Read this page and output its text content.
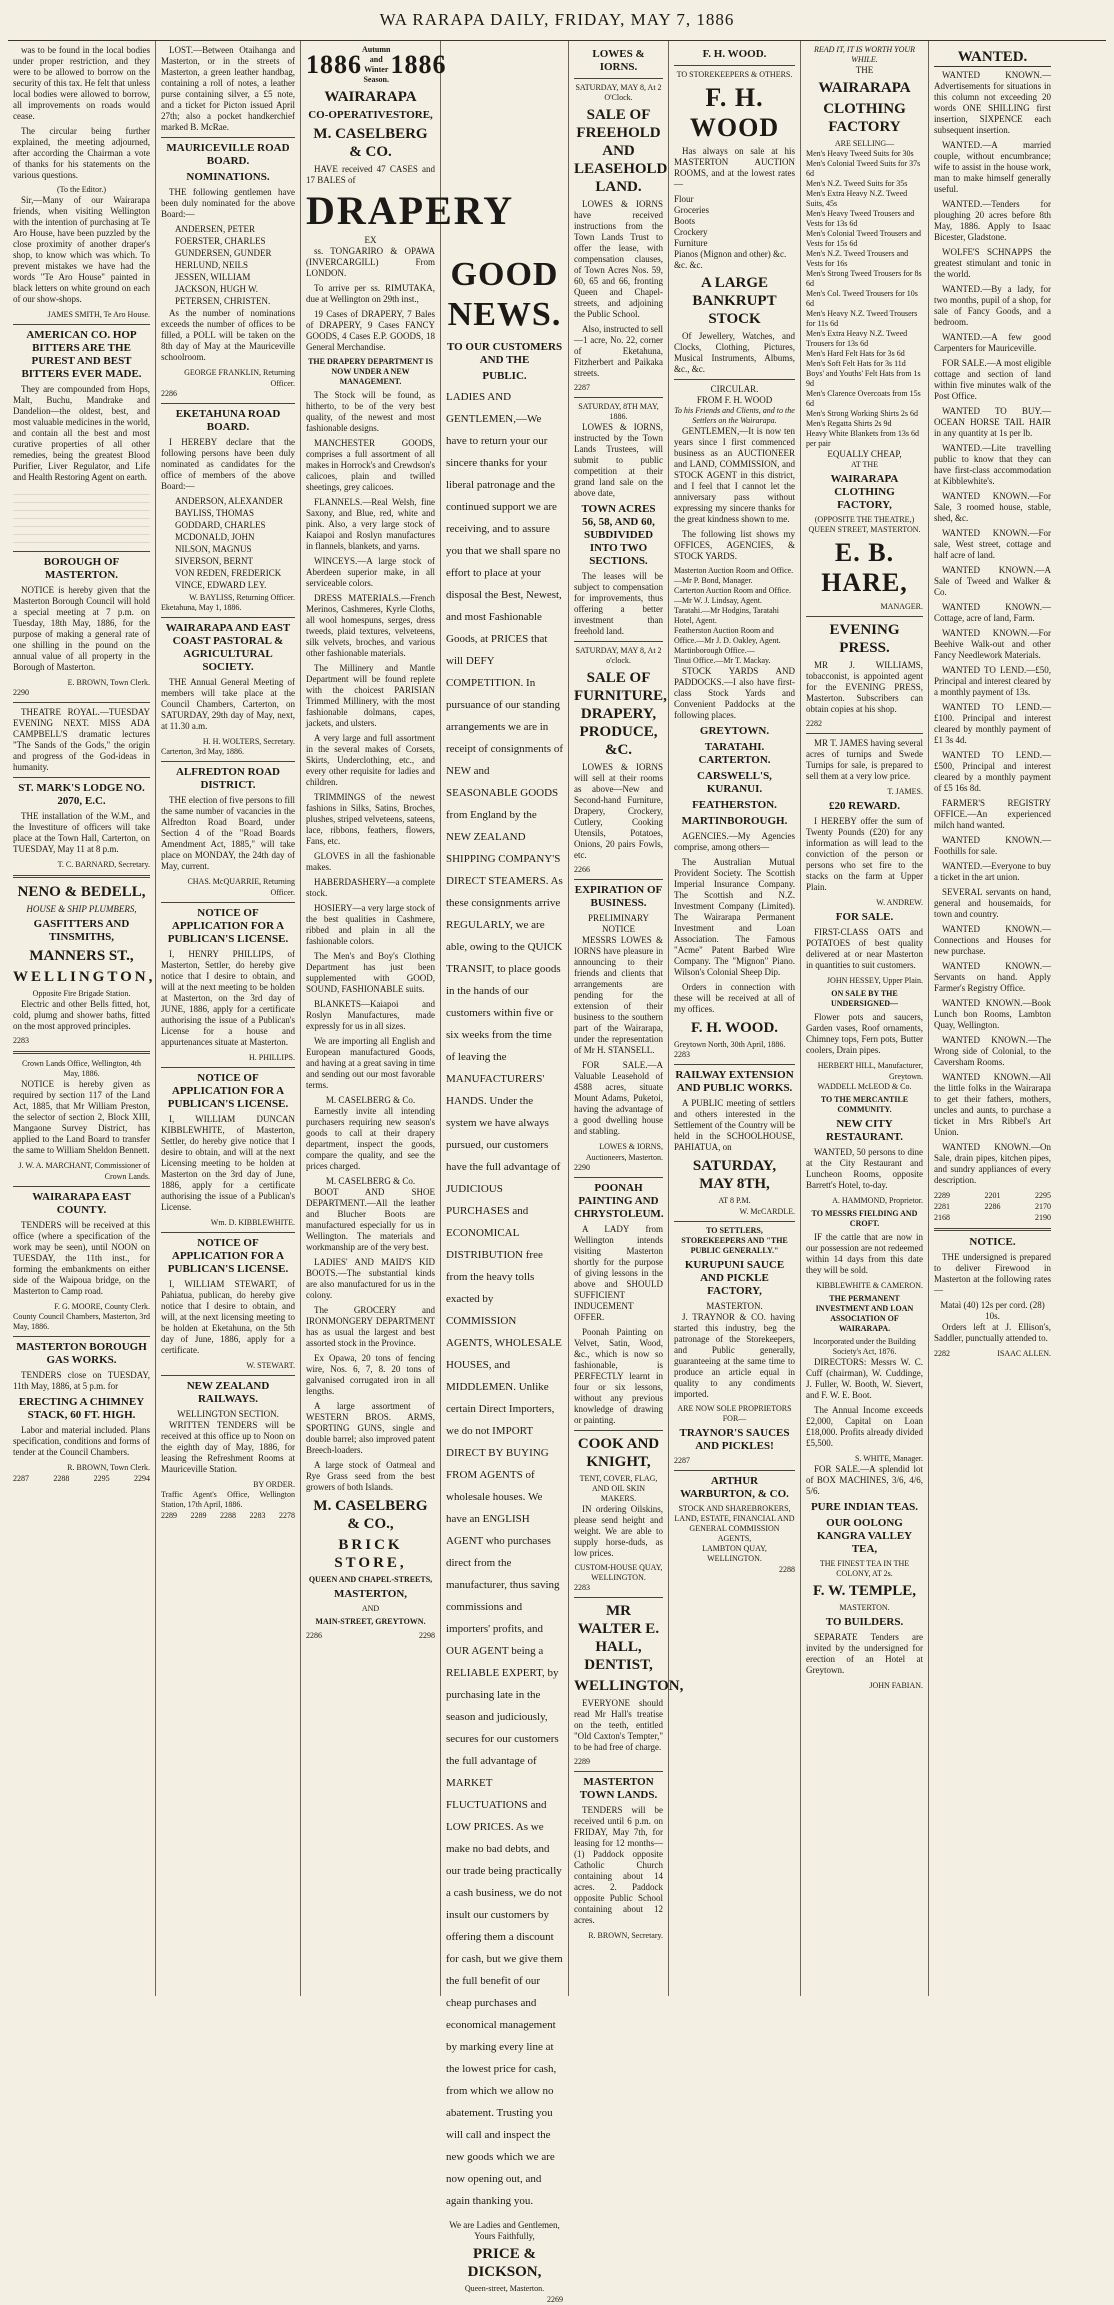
WA RARAPA DAILY, FRIDAY, MAY 7, 1886

was to be found in the local bodies under proper restriction, and they were to be allowed to borrow on the security of this tax. He felt that unless local bodies were allowed to borrow, all improvements on roads would cease.

The circular being further explained, the meeting adjourned, after according the Chairman a vote of thanks for his statements on the various questions.

(To the Editor.)

Sir,—Many of our Wairarapa friends, when visiting Wellington with the intention of purchasing at Te Aro House, have been puzzled by the close proximity of another draper's shop, to know which was which. To prevent mistakes we have had the words "Te Aro House" painted in black letters on white ground on each of our show-shops.

JAMES SMITH, Te Aro House.
AMERICAN CO. HOP BITTERS ARE THE PUREST AND BEST BITTERS EVER MADE.

They are compounded from Hops, Malt, Buchu, Mandrake and Dandelion—the oldest, best, and most valuable medicines in the world, and contain all the best and most curative properties of all other remedies, being the greatest Blood Purifier, Liver Regulator, and Life and Health Restoring Agent on earth.

BOROUGH OF MASTERTON.

NOTICE is hereby given that the Masterton Borough Council will hold a special meeting at 7 p.m. on Tuesday, 18th May, 1886, for the purpose of making a general rate of one shilling in the pound on the annual value of all property in the Borough of Masterton.

E. BROWN, Town Clerk.
2290

THEATRE ROYAL.—TUESDAY EVENING NEXT. MISS ADA CAMPBELL'S dramatic lectures "The Sands of the Gods," the origin and progress of the God-ideas in humanity.

ST. MARK'S LODGE NO. 2070, E.C.

THE installation of the W.M., and the Investiture of officers will take place at the Town Hall, Carterton, on TUESDAY, May 11 at 8 p.m.

T. C. BARNARD, Secretary.
NENO & BEDELL,
HOUSE & SHIP PLUMBERS,
GASFITTERS AND TINSMITHS,
MANNERS ST.,
WELLINGTON,
Opposite Fire Brigade Station.

Electric and other Bells fitted, hot, cold, plumg and shower baths, fitted on the most approved principles.

2283
Crown Lands Office, Wellington, 4th May, 1886.

NOTICE is hereby given as required by section 117 of the Land Act, 1885, that Mr William Preston, the selector of section 2, Block XIII, Mangaone Survey District, has applied to the Land Board to transfer the same to William Sheldon Bennett.

J. W. A. MARCHANT, Commissioner of Crown Lands.
WAIRARAPA EAST COUNTY.

TENDERS will be received at this office (where a specification of the work may be seen), until NOON on TUESDAY, the 11th inst., for forming the embankments on either side of the Waipoua bridge, on the Masterton to Camp road.

F. G. MOORE, County Clerk.
County Council Chambers, Masterton, 3rd May, 1886.
MASTERTON BOROUGH GAS WORKS.

TENDERS close on TUESDAY, 11th May, 1886, at 5 p.m. for

ERECTING A CHIMNEY STACK, 60 FT. HIGH.

Labor and material included. Plans specification, conditions and forms of tender at the Council Chambers.

R. BROWN, Town Clerk.
2287	2288	2295	2294

LOST.—Between Otaihanga and Masterton, or in the streets of Masterton, a green leather handbag, containing a roll of notes, a leather purse containing silver, a £5 note, and a ticket for Picton issued April 27th; also a pocket handkerchief marked B. McRae.

MAURICEVILLE ROAD BOARD.
NOMINATIONS.

THE following gentlemen have been duly nominated for the above Board:—

ANDERSEN, PETER
FOERSTER, CHARLES
GUNDERSEN, GUNDER
HERLUND, NEILS
JESSEN, WILLIAM
JACKSON, HUGH W.
PETERSEN, CHRISTEN.

As the number of nominations exceeds the number of offices to be filled, a POLL will be taken on the 8th day of May at the Mauriceville schoolroom.

GEORGE FRANKLIN, Returning Officer.
2286
EKETAHUNA ROAD BOARD.

I HEREBY declare that the following persons have been duly nominated as candidates for the office of members of the above Board:—

ANDERSON, ALEXANDER
BAYLISS, THOMAS
GODDARD, CHARLES
MCDONALD, JOHN
NILSON, MAGNUS
SIVERSON, BERNT
VON REDEN, FREDERICK
VINCE, EDWARD LEY.
W. BAYLISS, Returning Officer.
Eketahuna, May 1, 1886.
WAIRARAPA AND EAST COAST PASTORAL & AGRICULTURAL SOCIETY.

THE Annual General Meeting of members will take place at the Council Chambers, Carterton, on SATURDAY, 29th day of May, next, at 11.30 a.m.

H. H. WOLTERS, Secretary.
Carterton, 3rd May, 1886.
ALFREDTON ROAD DISTRICT.

THE election of five persons to fill the same number of vacancies in the Alfredton Road Board, under Section 4 of the "Road Boards Amendment Act, 1885," will take place on MONDAY, the 24th day of May, current.

CHAS. McQUARRIE, Returning Officer.
NOTICE OF APPLICATION FOR A PUBLICAN'S LICENSE.

I, HENRY PHILLIPS, of Masterton, Settler, do hereby give notice that I desire to obtain, and will at the next meeting to be holden at Masterton, on the 3rd day of JUNE, 1886, apply for a certificate authorising the issue of a Publican's License for a house and appurtenances situate at Masterton.

H. PHILLIPS.
NOTICE OF APPLICATION FOR A PUBLICAN'S LICENSE.

I, WILLIAM DUNCAN KIBBLEWHITE, of Masterton, Settler, do hereby give notice that I desire to obtain, and will at the next Licensing meeting to be holden at Masterton on the 3rd day of June, 1886, apply for a certificate authorising the issue of a Publican's License.

Wm. D. KIBBLEWHITE.
NOTICE OF APPLICATION FOR A PUBLICAN'S LICENSE.

I, WILLIAM STEWART, of Pahiatua, publican, do hereby give notice that I desire to obtain, and will, at the next licensing meeting to be holden at Eketahuna, on the 5th day of June, 1886, apply for a certificate.

W. STEWART.
NEW ZEALAND RAILWAYS.
WELLINGTON SECTION.

WRITTEN TENDERS will be received at this office up to Noon on the eighth day of May, 1886, for leasing the Refreshment Rooms at Mauriceville Station.

BY ORDER.
Traffic Agent's Office, Wellington Station, 17th April, 1886.
2289 2289 2288 2283 2278
1886
Autumn and Winter Season.
1886
WAIRARAPA
CO-OPERATIVESTORE,
M. CASELBERG & CO.

HAVE received 47 CASES and 17 BALES of

DRAPERY
EX

ss. TONGARIRO & OPAWA (INVERCARGILL) From LONDON.

To arrive per ss. RIMUTAKA, due at Wellington on 29th inst.,

19 Cases of DRAPERY, 7 Bales of DRAPERY, 9 Cases FANCY GOODS, 4 Cases E.P. GOODS, 18 General Merchandise.

THE DRAPERY DEPARTMENT IS NOW UNDER A NEW MANAGEMENT.

The Stock will be found, as hitherto, to be of the very best quality, of the newest and most fashionable designs.

MANCHESTER GOODS, comprises a full assortment of all makes in Horrock's and Crewdson's calicoes, plain and twilled sheetings, grey calicoes.

FLANNELS.—Real Welsh, fine Saxony, and Blue, red, white and pink. Also, a very large stock of Kaiapoi and Roslyn manufactures in flannels, blankets, and yarns.

WINCEYS.—A large stock of Aberdeen superior make, in all serviceable colors.

DRESS MATERIALS.—French Merinos, Cashmeres, Kyrle Cloths, all wool homespuns, serges, dress tweeds, plaid textures, velveteens, silk velvets, broches, and various other fashionable materials.

The Millinery and Mantle Department will be found replete with the choicest PARISIAN Trimmed Millinery, with the most fashionable dolmans, capes, jackets, and ulsters.

A very large and full assortment in the several makes of Corsets, Skirts, Underclothing, etc., and every other requisite for ladies and children.

TRIMMINGS of the newest fashions in Silks, Satins, Broches, plushes, striped velveteens, sateens, lace, ribbons, feathers, flowers, Fans, etc.

GLOVES in all the fashionable makes.

HABERDASHERY—a complete stock.

HOSIERY—a very large stock of the best qualities in Cashmere, ribbed and plain in all the fashionable colors.

The Men's and Boy's Clothing Department has just been supplemented with GOOD, SOUND, FASHIONABLE suits.

BLANKETS—Kaiapoi and Roslyn Manufactures, made expressly for us in all sizes.

We are importing all English and European manufactured Goods, and having at a great saving in time and sending out our most favorable terms.

M. CASELBERG & Co.

Earnestly invite all intending purchasers requiring new season's goods to call at their drapery department, inspect the goods, compare the quality, and see the prices charged.

M. CASELBERG & Co.

BOOT AND SHOE DEPARTMENT.—All the leather and Blucher Boots are manufactured especially for us in Wellington. The materials and workmanship are of the very best.

LADIES' AND MAID'S KID BOOTS.—The substantial kinds are also manufactured for us in the colony.

The GROCERY and IRONMONGERY DEPARTMENT has as usual the largest and best assorted stock in the Province.

Ex Opawa, 20 tons of fencing wire, Nos. 6, 7, 8. 20 tons of galvanised corrugated iron in all lengths.

A large assortment of WESTERN BROS. ARMS, SPORTING GUNS, single and double barrel; also improved patent Breech-loaders.

A large stock of Oatmeal and Rye Grass seed from the best growers of both Islands.

M. CASELBERG & CO.,
BRICK STORE,
QUEEN AND CHAPEL-STREETS,
MASTERTON,
AND
MAIN-STREET, GREYTOWN.
2286	2298
GOOD NEWS.
TO OUR CUSTOMERS AND THE
PUBLIC.
LADIES AND GENTLEMEN,—We have to return your our sincere thanks for your liberal patronage and the continued support we are receiving, and to assure you that we shall spare no effort to place at your disposal the Best, Newest, and most Fashionable Goods, at PRICES that will DEFY COMPETITION. In pursuance of our standing arrangements we are in receipt of consignments of NEW and SEASONABLE GOODS from England by the NEW ZEALAND SHIPPING COMPANY'S DIRECT STEAMERS. As these consignments arrive REGULARLY, we are able, owing to the QUICK TRANSIT, to place goods in the hands of our customers within five or six weeks from the time of leaving the MANUFACTURERS' HANDS. Under the system we have always pursued, our customers have the full advantage of JUDICIOUS PURCHASES and ECONOMICAL DISTRIBUTION free from the heavy tolls exacted by COMMISSION AGENTS, WHOLESALE HOUSES, and MIDDLEMEN. Unlike certain Direct Importers, we do not IMPORT DIRECT BY BUYING FROM AGENTS of wholesale houses. We have an ENGLISH AGENT who purchases direct from the manufacturer, thus saving commissions and importers' profits, and OUR AGENT being a RELIABLE EXPERT, by purchasing late in the season and judiciously, secures for our customers the full advantage of MARKET FLUCTUATIONS and LOW PRICES. As we make no bad debts, and our trade being practically a cash business, we do not insult our customers by offering them a discount for cash, but we give them the full benefit of our cheap purchases and economical management by marking every line at the lowest price for cash, from which we allow no abatement. Trusting you will call and inspect the new goods which we are now opening out, and again thanking you.
We are Ladies and Gentlemen,
Yours Faithfully,
PRICE & DICKSON,
Queen-street, Masterton.
2269
LOWES & IORNS.
SATURDAY, MAY 8, At 2 O'Clock.
SALE OF FREEHOLD AND LEASEHOLD LAND.

LOWES & IORNS have received instructions from the Town Lands Trust to offer the lease, with compensation clauses, of Town Acres Nos. 59, 60, 65 and 66, fronting Queen and Chapel-streets, and adjoining the Public School.

Also, instructed to sell—1 acre, No. 22, corner of Eketahuna, Fitzherbert and Paikaka streets.

2287
SATURDAY, 8TH MAY, 1886.

LOWES & IORNS, instructed by the Town Lands Trustees, will submit to public competition at their grand land sale on the above date,

TOWN ACRES 56, 58, AND 60, SUBDIVIDED INTO TWO SECTIONS.

The leases will be subject to compensation for improvements, thus offering a better investment than freehold land.

SATURDAY, MAY 8, At 2 o'clock.
SALE OF FURNITURE, DRAPERY, PRODUCE, &C.

LOWES & IORNS will sell at their rooms as above—New and Second-hand Furniture, Drapery, Crockery, Cutlery, Cooking Utensils, Potatoes, Onions, 20 pairs Fowls, etc.

2266
EXPIRATION OF BUSINESS.
PRELIMINARY NOTICE

MESSRS LOWES & IORNS have pleasure in announcing to their friends and clients that arrangements are pending for the extension of their business to the southern part of the Wairarapa, under the representation of Mr H. STANSELL.

FOR SALE.—A Valuable Leasehold of 4588 acres, situate Mount Adams, Puketoi, having the advantage of a good dwelling house and stabling.

LOWES & IORNS, Auctioneers, Masterton.
2290
POONAH PAINTING AND CHRYSTOLEUM.

A LADY from Wellington intends visiting Masterton shortly for the purpose of giving lessons in the above and SHOULD SUFFICIENT INDUCEMENT OFFER.

Poonah Painting on Velvet, Satin, Wood, &c., which is now so fashionable, is PERFECTLY learnt in four or six lessons, without any previous knowledge of drawing or painting.

COOK AND KNIGHT,
TENT, COVER, FLAG, AND OIL SKIN MAKERS.

IN ordering Oilskins, please send height and weight. We are able to supply horse-duds, as low prices.

CUSTOM-HOUSE QUAY, WELLINGTON.
2283
MR WALTER E. HALL, DENTIST,
WELLINGTON,

EVERYONE should read Mr Hall's treatise on the teeth, entitled "Old Caxton's Tempter," to be had free of charge.

2289
MASTERTON TOWN LANDS.

TENDERS will be received until 6 p.m. on FRIDAY, May 7th, for leasing for 12 months—(1) Paddock opposite Catholic Church containing about 14 acres. 2. Paddock opposite Public School containing about 12 acres.

R. BROWN, Secretary.
F. H. WOOD.
TO STOREKEEPERS & OTHERS.
F. H. WOOD

Has always on sale at his MASTERTON AUCTION ROOMS, and at the lowest rates—

Flour
Groceries
Boots
Crockery
Furniture
Pianos (Mignon and other) &c. &c. &c.
A LARGE BANKRUPT STOCK

Of Jewellery, Watches, and Clocks, Clothing, Pictures, Musical Instruments, Albums, &c., &c.

CIRCULAR.
FROM F. H. WOOD
To his Friends and Clients, and to the Settlers on the Wairarapa.

GENTLEMEN,—It is now ten years since I first commenced business as an AUCTIONEER and LAND, COMMISSION, and STOCK AGENT in this district, and I feel that I cannot let the anniversary pass without expressing my sincere thanks for the great kindness shown to me.

The following list shows my OFFICES, AGENCIES, & STOCK YARDS.

Masterton Auction Room and Office.—Mr P. Bond, Manager.
Carterton Auction Room and Office.—Mr W. J. Lindsay, Agent.
Taratahi.—Mr Hodgins, Taratahi Hotel, Agent.
Featherston Auction Room and Office.—Mr J. D. Oakley, Agent.
Martinborough Office.—
Tinui Office.—Mr T. Mackay.

STOCK YARDS AND PADDOCKS.—I also have first-class Stock Yards and Convenient Paddocks at the following places.

GREYTOWN.
TARATAHI. CARTERTON.
CARSWELL'S, KURANUI.
FEATHERSTON.
MARTINBOROUGH.

AGENCIES.—My Agencies comprise, among others—

The Australian Mutual Provident Society. The Scottish Imperial Insurance Company. The Scottish and N.Z. Investment Company (Limited). The Wairarapa Permanent Investment and Loan Association. The Famous "Acme" Patent Barbed Wire Company. The "Mignon" Piano. Wilson's Colonial Sheep Dip.

Orders in connection with these will be received at all of my offices.

F. H. WOOD.
Greytown North, 30th April, 1886.
2283
RAILWAY EXTENSION AND PUBLIC WORKS.

A PUBLIC meeting of settlers and others interested in the Settlement of the Country will be held in the SCHOOLHOUSE, PAHIATUA, on

SATURDAY, MAY 8TH,
AT 8 P.M.
W. McCARDLE.
TO SETTLERS, STOREKEEPERS AND "THE PUBLIC GENERALLY."
KURUPUNI SAUCE AND PICKLE FACTORY,
MASTERTON.

J. TRAYNOR & CO. having started this industry, beg the patronage of the Storekeepers, and Public generally, guaranteeing at the same time to produce an article equal in quality to any condiments imported.

ARE NOW SOLE PROPRIETORS FOR—
TRAYNOR'S SAUCES AND PICKLES!
2287
ARTHUR WARBURTON, & CO.
STOCK AND SHAREBROKERS, LAND, ESTATE, FINANCIAL AND GENERAL COMMISSION AGENTS,
LAMBTON QUAY, WELLINGTON.
2288
READ IT, IT IS WORTH YOUR WHILE.
THE
WAIRARAPA
CLOTHING FACTORY
ARE SELLING—
Men's Heavy Tweed Suits for 30s
Men's Colonial Tweed Suits for 37s 6d
Men's N.Z. Tweed Suits for 35s
Men's Extra Heavy N.Z. Tweed Suits, 45s
Men's Heavy Tweed Trousers and Vests for 13s 6d
Men's Colonial Tweed Trousers and Vests for 15s 6d
Men's N.Z. Tweed Trousers and Vests for 16s
Men's Strong Tweed Trousers for 8s 6d
Men's Col. Tweed Trousers for 10s 6d
Men's Heavy N.Z. Tweed Trousers for 11s 6d
Men's Extra Heavy N.Z. Tweed Trousers for 13s 6d
Men's Hard Felt Hats for 3s 6d
Men's Soft Felt Hats for 3s 11d
Boys' and Youths' Felt Hats from 1s 9d
Men's Clarence Overcoats from 15s 6d
Men's Strong Working Shirts 2s 6d
Men's Regatta Shirts 2s 9d
Heavy White Blankets from 13s 6d per pair
EQUALLY CHEAP,
AT THE
WAIRARAPA CLOTHING FACTORY,
(OPPOSITE THE THEATRE,)
QUEEN STREET, MASTERTON.
E. B. HARE,
MANAGER.
EVENING PRESS.

MR J. WILLIAMS, tobacconist, is appointed agent for the EVENING PRESS, Masterton. Subscribers can obtain copies at his shop.

2282

MR T. JAMES having several acres of turnips and Swede Turnips for sale, is prepared to sell them at a very low price.

T. JAMES.
£20 REWARD.

I HEREBY offer the sum of Twenty Pounds (£20) for any information as will lead to the conviction of the person or persons who set fire to the stacks on the farm at Upper Plain.

W. ANDREW.
FOR SALE.

FIRST-CLASS OATS and POTATOES of best quality delivered at or near Masterton in quantities to suit customers.

JOHN HESSEY, Upper Plain.
ON SALE BY THE UNDERSIGNED—

Flower pots and saucers, Garden vases, Roof ornaments, Chimney tops, Fern pots, Butter coolers, Drain pipes.

HERBERT HILL, Manufacturer, Greytown.
WADDELL McLEOD & Co.
TO THE MERCANTILE COMMUNITY.
NEW CITY RESTAURANT.

WANTED, 50 persons to dine at the City Restaurant and Luncheon Rooms, opposite Barrett's Hotel, to-day.

A. HAMMOND, Proprietor.
TO MESSRS FIELDING AND CROFT.

IF the cattle that are now in our possession are not redeemed within 14 days from this date they will be sold.

KIBBLEWHITE & CAMERON.
THE PERMANENT INVESTMENT AND LOAN ASSOCIATION OF WAIRARAPA.
Incorporated under the Building Society's Act, 1876.

DIRECTORS: Messrs W. C. Cuff (chairman), W. Cuddinge, J. Fuller, W. Booth, W. Sievert, and F. W. E. Boot.

The Annual Income exceeds £2,000, Capital on Loan £18,000. Profits already divided £5,500.

S. WHITE, Manager.

FOR SALE.—A splendid lot of BOX MACHINES, 3/6, 4/6, 5/6.

PURE INDIAN TEAS.
OUR OOLONG KANGRA VALLEY TEA,
THE FINEST TEA IN THE COLONY, AT 2s.
F. W. TEMPLE,
MASTERTON.
TO BUILDERS.

SEPARATE Tenders are invited by the undersigned for erection of an Hotel at Greytown.

JOHN FABIAN.
WANTED.

WANTED KNOWN.—Advertisements for situations in this column not exceeding 20 words ONE SHILLING first insertion, SIXPENCE each subsequent insertion.

WANTED.—A married couple, without encumbrance; wife to assist in the house work, man to make himself generally useful.

WANTED.—Tenders for ploughing 20 acres before 8th May, 1886. Apply to Isaac Bicester, Gladstone.

WOLFE'S SCHNAPPS the greatest stimulant and tonic in the world.

WANTED.—By a lady, for two months, pupil of a shop, for sale of Fancy Goods, and a bedroom.

WANTED.—A few good Carpenters for Mauriceville.

FOR SALE.—A most eligible cottage and section of land within five minutes walk of the Post Office.

WANTED TO BUY.—OCEAN HORSE TAIL HAIR in any quantity at 1s per lb.

WANTED.—Lite travelling public to know that they can have first-class accommodation at Kibblewhite's.

WANTED KNOWN.—For Sale, 3 roomed house, stable, shed, &c.

WANTED KNOWN.—For sale, West street, cottage and half acre of land.

WANTED KNOWN.—A Sale of Tweed and Walker & Co.

WANTED KNOWN.—Cottage, acre of land, Farm.

WANTED KNOWN.—For Beehive Walk-out and other Fancy Needlework Materials.

WANTED TO LEND.—£50, Principal and interest cleared by a monthly payment of 13s.

WANTED TO LEND.—£100. Principal and interest cleared by monthly payment of £1 3s 4d.

WANTED TO LEND.—£500, Principal and interest cleared by a monthly payment of £5 16s 8d.

FARMER'S REGISTRY OFFICE.—An experienced milch hand wanted.

WANTED KNOWN.—Foothills for sale.

WANTED.—Everyone to buy a ticket in the art union.

SEVERAL servants on hand, general and housemaids, for town and country.

WANTED KNOWN.—Connections and Houses for new purchase.

WANTED KNOWN.—Servants on hand. Apply Farmer's Registry Office.

WANTED KNOWN.—Book Lunch bon Rooms, Lambton Quay, Wellington.

WANTED KNOWN.—The Wrong side of Colonial, to the Caversham Rooms.

WANTED KNOWN.—All the little folks in the Wairarapa to get their fathers, mothers, uncles and aunts, to purchase a ticket in Mrs Ribbel's Art Union.

WANTED KNOWN.—On Sale, drain pipes, kitchen pipes, and sundry appliances of every description.

2289	2201	2295
2281	2286	2170
2168	2190
NOTICE.

THE undersigned is prepared to deliver Firewood in Masterton at the following rates—

Mataì (40) 12s per cord. (28) 10s.

Orders left at J. Ellison's, Saddler, punctually attended to.

2282	ISAAC ALLEN.
